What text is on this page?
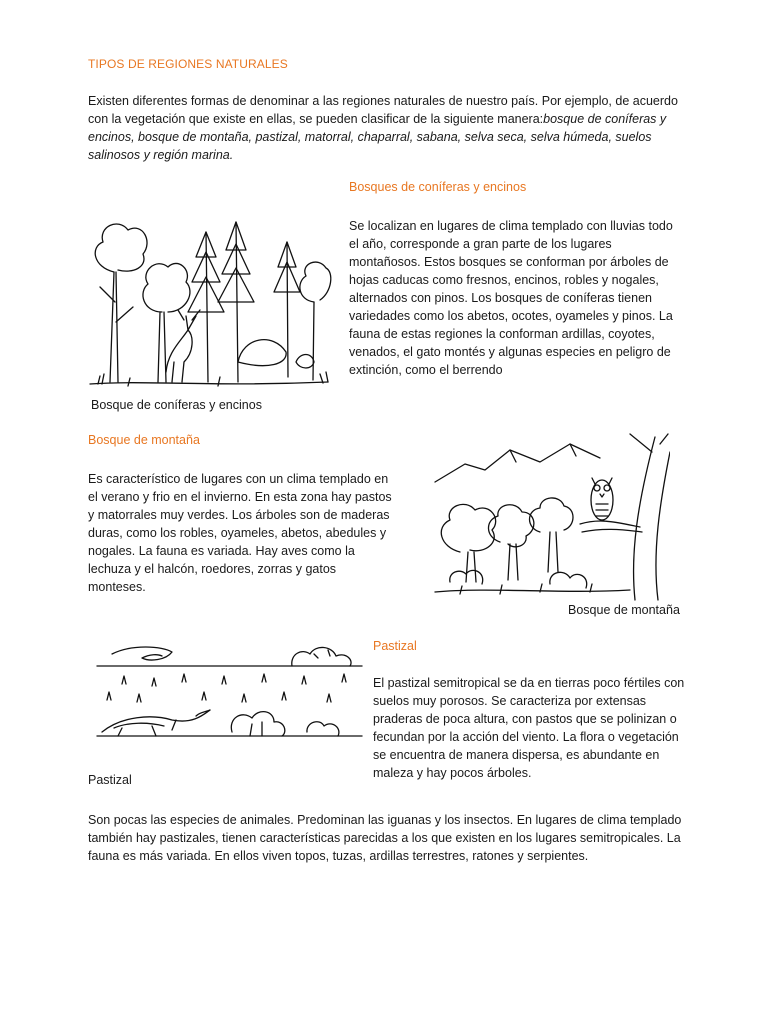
TIPOS DE REGIONES NATURALES
Existen diferentes formas de denominar a las regiones naturales de nuestro país. Por ejemplo, de acuerdo con la vegetación que existe en ellas, se pueden clasificar de la siguiente manera:bosque de coníferas y encinos, bosque de montaña, pastizal, matorral, chaparral, sabana, selva seca, selva húmeda, suelos salinosos y región marina.
Bosques de coníferas y encinos
Se localizan en lugares de clima templado con lluvias todo el año, corresponde a gran parte de los lugares montañosos. Estos bosques se conforman por árboles de hojas caducas como fresnos, encinos, robles y nogales, alternados con pinos. Los bosques de coníferas tienen variedades como los abetos, ocotes, oyameles y pinos. La fauna de estas regiones la conforman ardillas, coyotes, venados, el gato montés y algunas especies en peligro de extinción, como el berrendo
Bosque de coníferas y encinos
Bosque de montaña
Es característico de lugares con un clima templado en el verano y frio en el invierno. En esta zona hay pastos y matorrales muy verdes. Los árboles son de maderas duras, como los robles, oyameles, abetos, abedules y nogales. La fauna es variada. Hay aves como la lechuza y el halcón, roedores, zorras y gatos monteses.
Bosque de montaña
Pastizal
El pastizal semitropical se da en tierras poco fértiles con suelos muy porosos. Se caracteriza por extensas praderas de poca altura, con pastos que se polinizan o fecundan por la acción del viento. La flora o vegetación se encuentra de manera dispersa, es abundante en maleza y hay pocos árboles.
Pastizal
Son pocas las especies de animales. Predominan las iguanas y los insectos. En lugares de clima templado también hay pastizales, tienen características parecidas a los que existen en los lugares semitropicales. La fauna es más variada. En ellos viven topos, tuzas, ardillas terrestres, ratones y serpientes.
